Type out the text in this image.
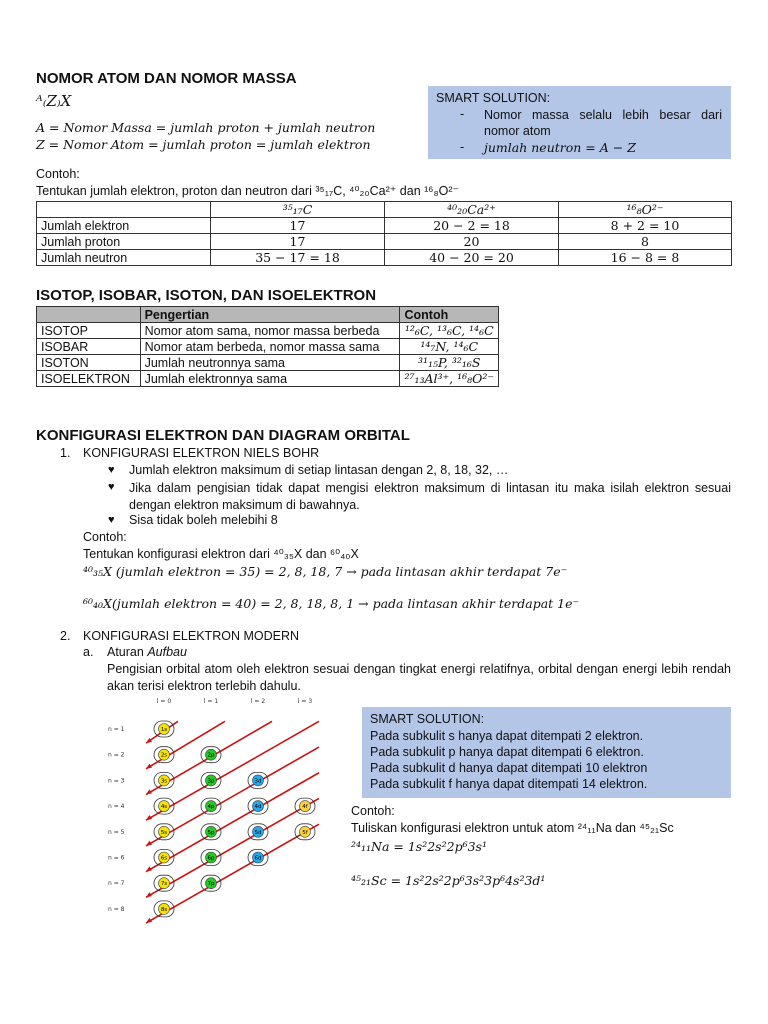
NOMOR ATOM DAN NOMOR MASSA
ᴬ₍Z₎X
A = Nomor Massa = jumlah proton + jumlah neutron
Z = Nomor Atom = jumlah proton = jumlah elektron
SMART SOLUTION:
- Nomor massa selalu lebih besar dari nomor atom
- jumlah neutron = A − Z
Contoh:
Tentukan jumlah elektron, proton dan neutron dari ³⁵₁₇C, ⁴⁰₂₀Ca²⁺ dan ¹⁶₈O²⁻
	³⁵₁₇C	⁴⁰₂₀Ca²⁺	¹⁶₈O²⁻
Jumlah elektron	17	20 − 2 = 18	8 + 2 = 10
Jumlah proton	17	20	8
Jumlah neutron	35 − 17 = 18	40 − 20 = 20	16 − 8 = 8
ISOTOP, ISOBAR, ISOTON, DAN ISOELEKTRON
	Pengertian	Contoh
ISOTOP	Nomor atom sama, nomor massa berbeda	¹²₆C, ¹³₆C, ¹⁴₆C
ISOBAR	Nomor atam berbeda, nomor massa sama	¹⁴₇N, ¹⁴₆C
ISOTON	Jumlah neutronnya sama	³¹₁₅P, ³²₁₆S
ISOELEKTRON	Jumlah elektronnya sama	²⁷₁₃Al³⁺, ¹⁶₈O²⁻
KONFIGURASI ELEKTRON DAN DIAGRAM ORBITAL
1. KONFIGURASI ELEKTRON NIELS BOHR
♥ Jumlah elektron maksimum di setiap lintasan dengan 2, 8, 18, 32, …
♥ Jika dalam pengisian tidak dapat mengisi elektron maksimum di lintasan itu maka isilah elektron sesuai dengan elektron maksimum di bawahnya.
♥ Sisa tidak boleh melebihi 8
Contoh:
Tentukan konfigurasi elektron dari ⁴⁰₃₅X dan ⁶⁰₄₀X
⁴⁰₃₅X (jumlah elektron = 35) = 2, 8, 18, 7 → pada lintasan akhir terdapat 7e⁻
⁶⁰₄₀X(jumlah elektron = 40) = 2, 8, 18, 8, 1 → pada lintasan akhir terdapat 1e⁻
2. KONFIGURASI ELEKTRON MODERN
a. Aturan Aufbau
Pengisian orbital atom oleh elektron sesuai dengan tingkat energi relatifnya, orbital dengan energi lebih rendah akan terisi elektron terlebih dahulu.
l = 0	l = 1	l = 2	l = 3
n = 1	1s
n = 2	2s	2p
n = 3	3s	3p	3d
n = 4	4s	4p	4d	4f
n = 5	5s	5p	5d	5f
n = 6	6s	6p	6d
n = 7	7s	7p
n = 8	8s
SMART SOLUTION:
Pada subkulit s hanya dapat ditempati 2 elektron.
Pada subkulit p hanya dapat ditempati 6 elektron.
Pada subkulit d hanya dapat ditempati 10 elektron
Pada subkulit f hanya dapat ditempati 14 elektron.
Contoh:
Tuliskan konfigurasi elektron untuk atom ²⁴₁₁Na dan ⁴⁵₂₁Sc
²⁴₁₁Na = 1s²2s²2p⁶3s¹
⁴⁵₂₁Sc = 1s²2s²2p⁶3s²3p⁶4s²3d¹
